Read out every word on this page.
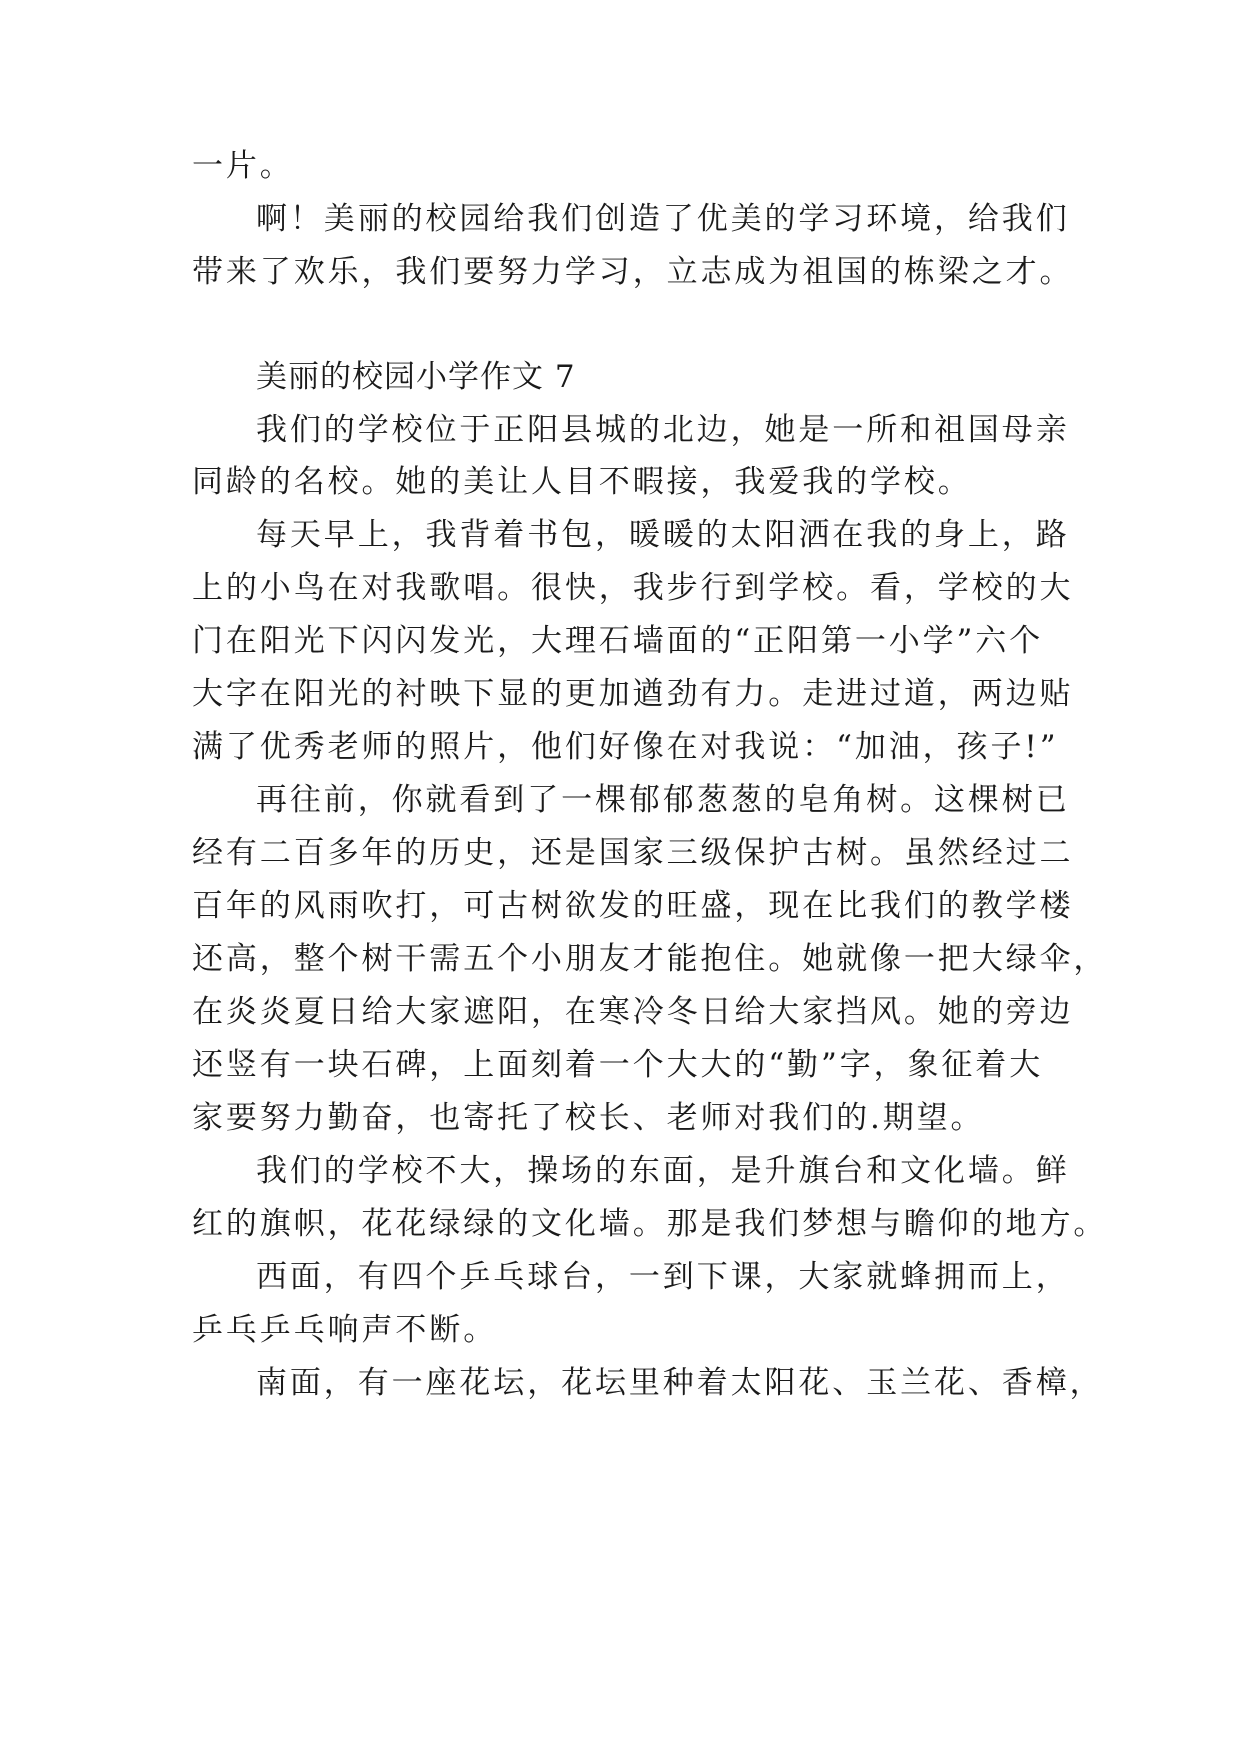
一片。
啊！美丽的校园给我们创造了优美的学习环境，给我们
带来了欢乐，我们要努力学习，立志成为祖国的栋梁之才。
美丽的校园小学作文 7
我们的学校位于正阳县城的北边，她是一所和祖国母亲
同龄的名校。她的美让人目不暇接，我爱我的学校。
每天早上，我背着书包，暖暖的太阳洒在我的身上，路
上的小鸟在对我歌唱。很快，我步行到学校。看，学校的大
门在阳光下闪闪发光，大理石墙面的“正阳第一小学”六个
大字在阳光的衬映下显的更加遒劲有力。走进过道，两边贴
满了优秀老师的照片，他们好像在对我说：“加油，孩子!”
再往前，你就看到了一棵郁郁葱葱的皂角树。这棵树已
经有二百多年的历史，还是国家三级保护古树。虽然经过二
百年的风雨吹打，可古树欲发的旺盛，现在比我们的教学楼
还高，整个树干需五个小朋友才能抱住。她就像一把大绿伞，
在炎炎夏日给大家遮阳，在寒冷冬日给大家挡风。她的旁边
还竖有一块石碑，上面刻着一个大大的“勤”字，象征着大
家要努力勤奋，也寄托了校长、老师对我们的.期望。
我们的学校不大，操场的东面，是升旗台和文化墙。鲜
红的旗帜，花花绿绿的文化墙。那是我们梦想与瞻仰的地方。
西面，有四个乒乓球台，一到下课，大家就蜂拥而上，
乒乓乒乓响声不断。
南面，有一座花坛，花坛里种着太阳花、玉兰花、香樟，
